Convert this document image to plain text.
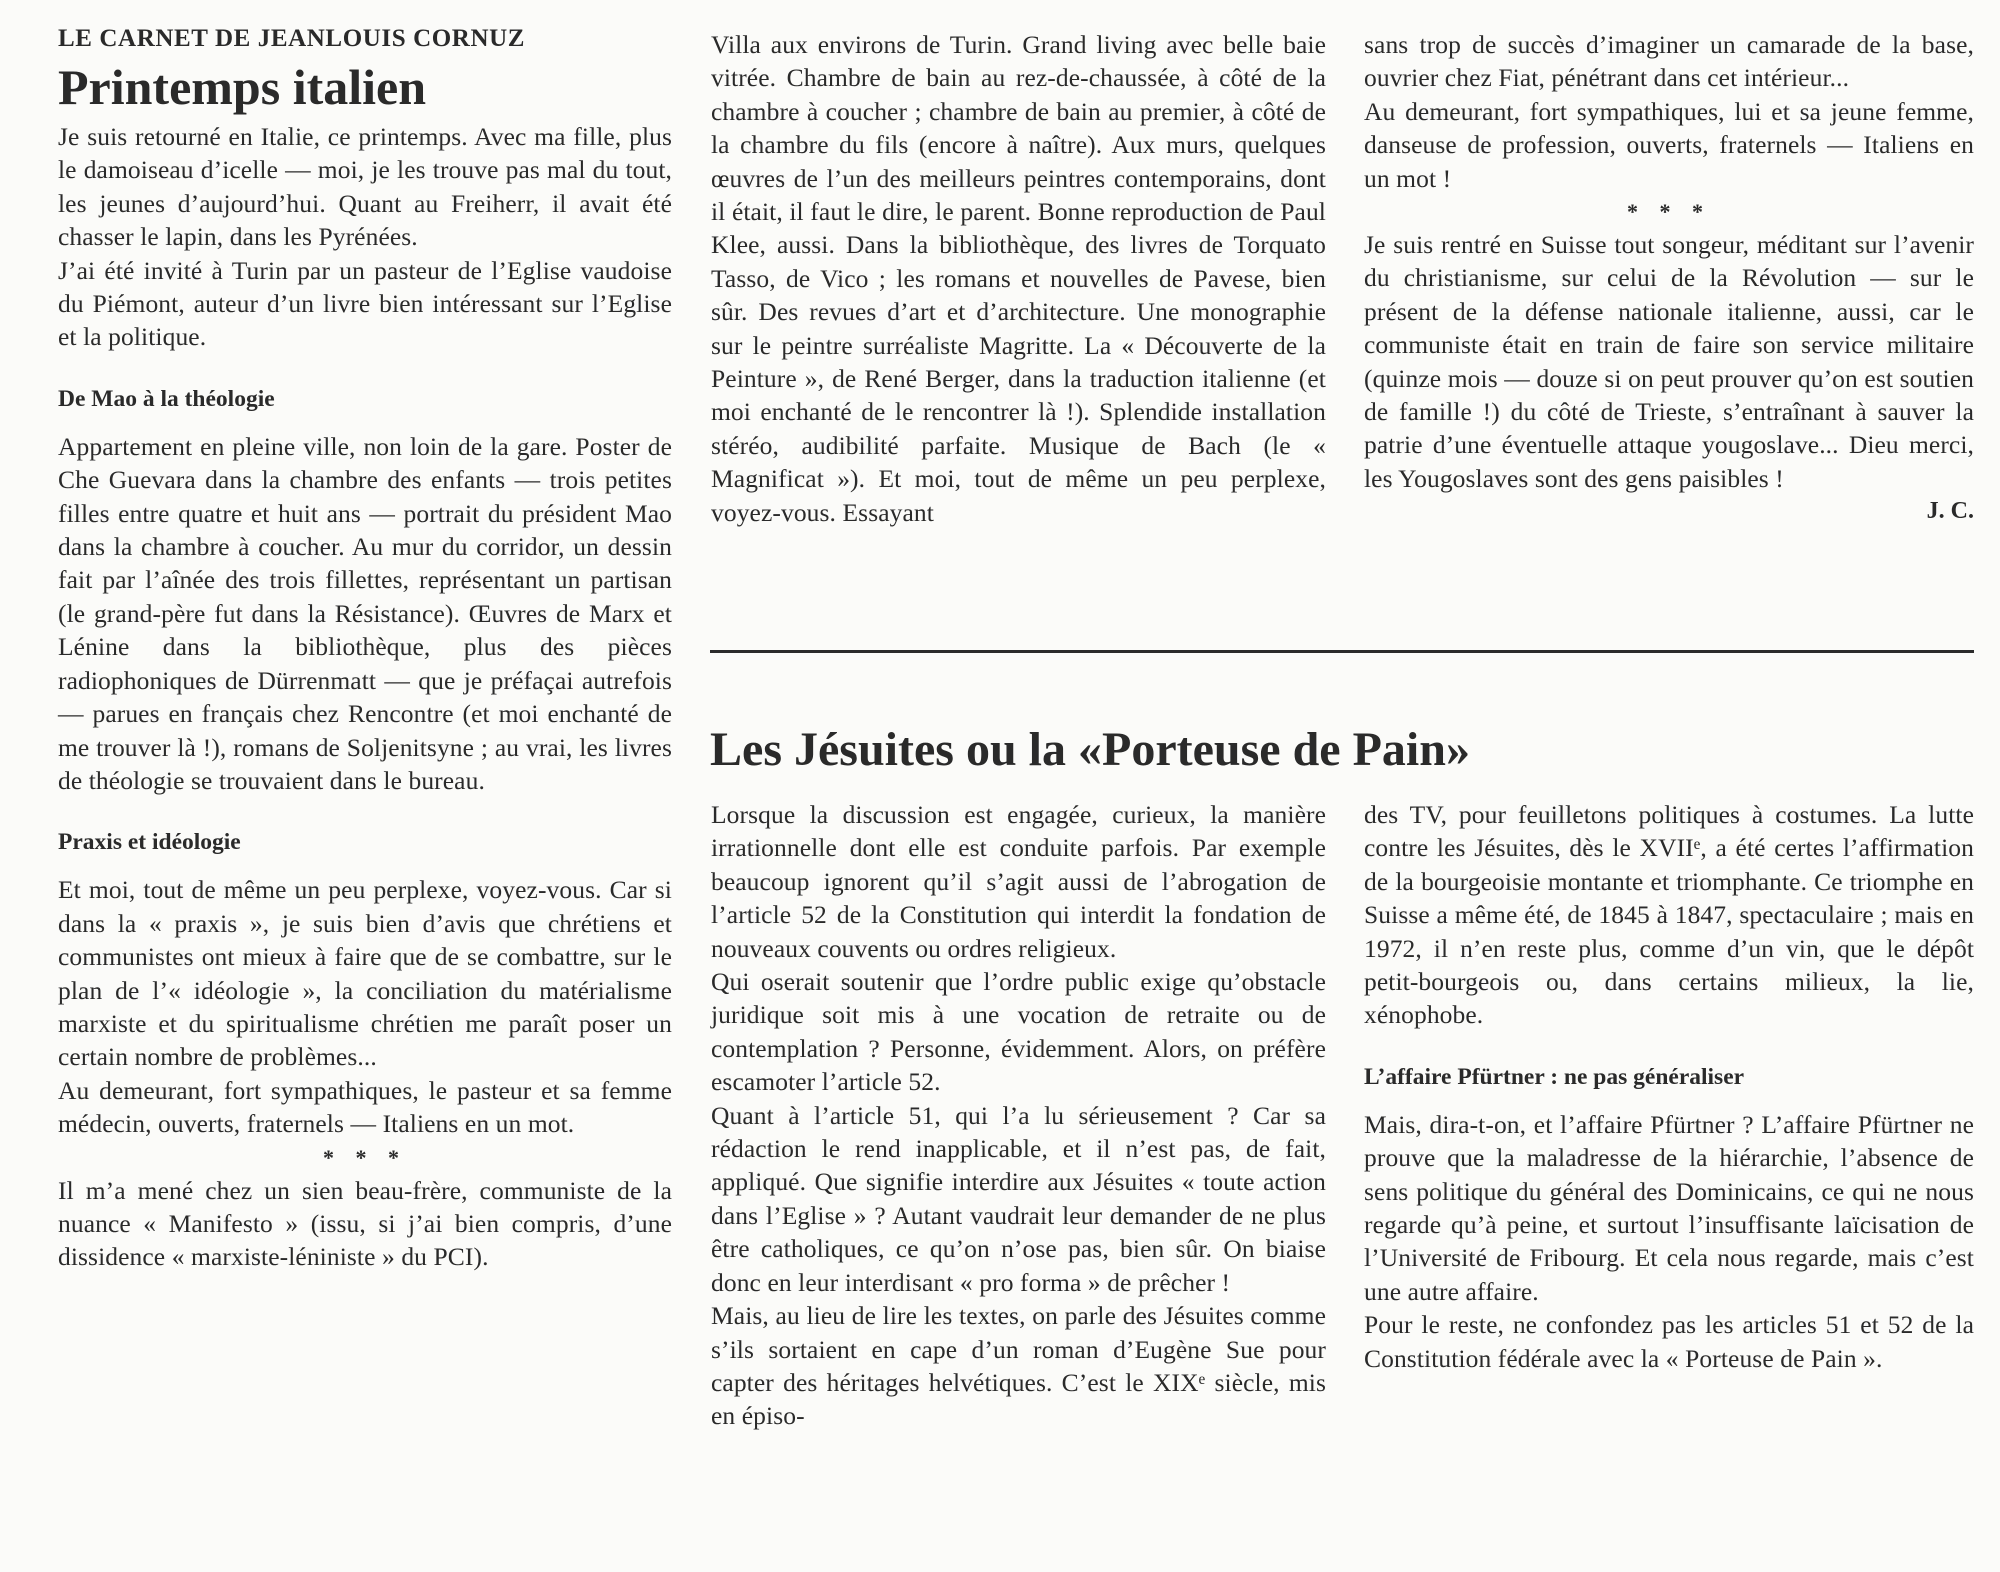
LE CARNET DE JEANLOUIS CORNUZ
Printemps italien

Je suis retourné en Italie, ce printemps. Avec ma fille, plus le damoiseau d’icelle — moi, je les trouve pas mal du tout, les jeunes d’aujourd’hui. Quant au Freiherr, il avait été chasser le lapin, dans les Pyrénées.

J’ai été invité à Turin par un pasteur de l’Eglise vaudoise du Piémont, auteur d’un livre bien intéressant sur l’Eglise et la politique.

De Mao à la théologie

Appartement en pleine ville, non loin de la gare. Poster de Che Guevara dans la chambre des enfants — trois petites filles entre quatre et huit ans — portrait du président Mao dans la chambre à coucher. Au mur du corridor, un dessin fait par l’aînée des trois fillettes, représentant un partisan (le grand-père fut dans la Résistance). Œuvres de Marx et Lénine dans la bibliothèque, plus des pièces radiophoniques de Dürrenmatt — que je préfaçai autrefois — parues en français chez Rencontre (et moi enchanté de me trouver là !), romans de Soljenitsyne ; au vrai, les livres de théologie se trouvaient dans le bureau.

Praxis et idéologie

Et moi, tout de même un peu perplexe, voyez-vous. Car si dans la « praxis », je suis bien d’avis que chrétiens et communistes ont mieux à faire que de se combattre, sur le plan de l’« idéologie », la conciliation du matérialisme marxiste et du spiritualisme chrétien me paraît poser un certain nombre de problèmes...

Au demeurant, fort sympathiques, le pasteur et sa femme médecin, ouverts, fraternels — Italiens en un mot.

* * *

Il m’a mené chez un sien beau-frère, communiste de la nuance « Manifesto » (issu, si j’ai bien compris, d’une dissidence « marxiste-léniniste » du PCI).

Villa aux environs de Turin. Grand living avec belle baie vitrée. Chambre de bain au rez-de-chaussée, à côté de la chambre à coucher ; chambre de bain au premier, à côté de la chambre du fils (encore à naître). Aux murs, quelques œuvres de l’un des meilleurs peintres contemporains, dont il était, il faut le dire, le parent. Bonne reproduction de Paul Klee, aussi. Dans la bibliothèque, des livres de Torquato Tasso, de Vico ; les romans et nouvelles de Pavese, bien sûr. Des revues d’art et d’architecture. Une monographie sur le peintre surréaliste Magritte. La « Découverte de la Peinture », de René Berger, dans la traduction italienne (et moi enchanté de le rencontrer là !). Splendide installation stéréo, audibilité parfaite. Musique de Bach (le « Magnificat »). Et moi, tout de même un peu perplexe, voyez-vous. Essayant

sans trop de succès d’imaginer un camarade de la base, ouvrier chez Fiat, pénétrant dans cet intérieur...

Au demeurant, fort sympathiques, lui et sa jeune femme, danseuse de profession, ouverts, fraternels — Italiens en un mot !

* * *

Je suis rentré en Suisse tout songeur, méditant sur l’avenir du christianisme, sur celui de la Révolution — sur le présent de la défense nationale italienne, aussi, car le communiste était en train de faire son service militaire (quinze mois — douze si on peut prouver qu’on est soutien de famille !) du côté de Trieste, s’entraînant à sauver la patrie d’une éventuelle attaque yougoslave... Dieu merci, les Yougoslaves sont des gens paisibles !

J. C.
Les Jésuites ou la «Porteuse de Pain»

Lorsque la discussion est engagée, curieux, la manière irrationnelle dont elle est conduite parfois. Par exemple beaucoup ignorent qu’il s’agit aussi de l’abrogation de l’article 52 de la Constitution qui interdit la fondation de nouveaux couvents ou ordres religieux.

Qui oserait soutenir que l’ordre public exige qu’obstacle juridique soit mis à une vocation de retraite ou de contemplation ? Personne, évidemment. Alors, on préfère escamoter l’article 52.

Quant à l’article 51, qui l’a lu sérieusement ? Car sa rédaction le rend inapplicable, et il n’est pas, de fait, appliqué. Que signifie interdire aux Jésuites « toute action dans l’Eglise » ? Autant vaudrait leur demander de ne plus être catholiques, ce qu’on n’ose pas, bien sûr. On biaise donc en leur interdisant « pro forma » de prêcher !

Mais, au lieu de lire les textes, on parle des Jésuites comme s’ils sortaient en cape d’un roman d’Eugène Sue pour capter des héritages helvétiques. C’est le XIXᵉ siècle, mis en épiso-

des TV, pour feuilletons politiques à costumes. La lutte contre les Jésuites, dès le XVIIᵉ, a été certes l’affirmation de la bourgeoisie montante et triomphante. Ce triomphe en Suisse a même été, de 1845 à 1847, spectaculaire ; mais en 1972, il n’en reste plus, comme d’un vin, que le dépôt petit-bourgeois ou, dans certains milieux, la lie, xénophobe.

L’affaire Pfürtner : ne pas généraliser

Mais, dira-t-on, et l’affaire Pfürtner ? L’affaire Pfürtner ne prouve que la maladresse de la hiérarchie, l’absence de sens politique du général des Dominicains, ce qui ne nous regarde qu’à peine, et surtout l’insuffisante laïcisation de l’Université de Fribourg. Et cela nous regarde, mais c’est une autre affaire.

Pour le reste, ne confondez pas les articles 51 et 52 de la Constitution fédérale avec la « Porteuse de Pain ».
